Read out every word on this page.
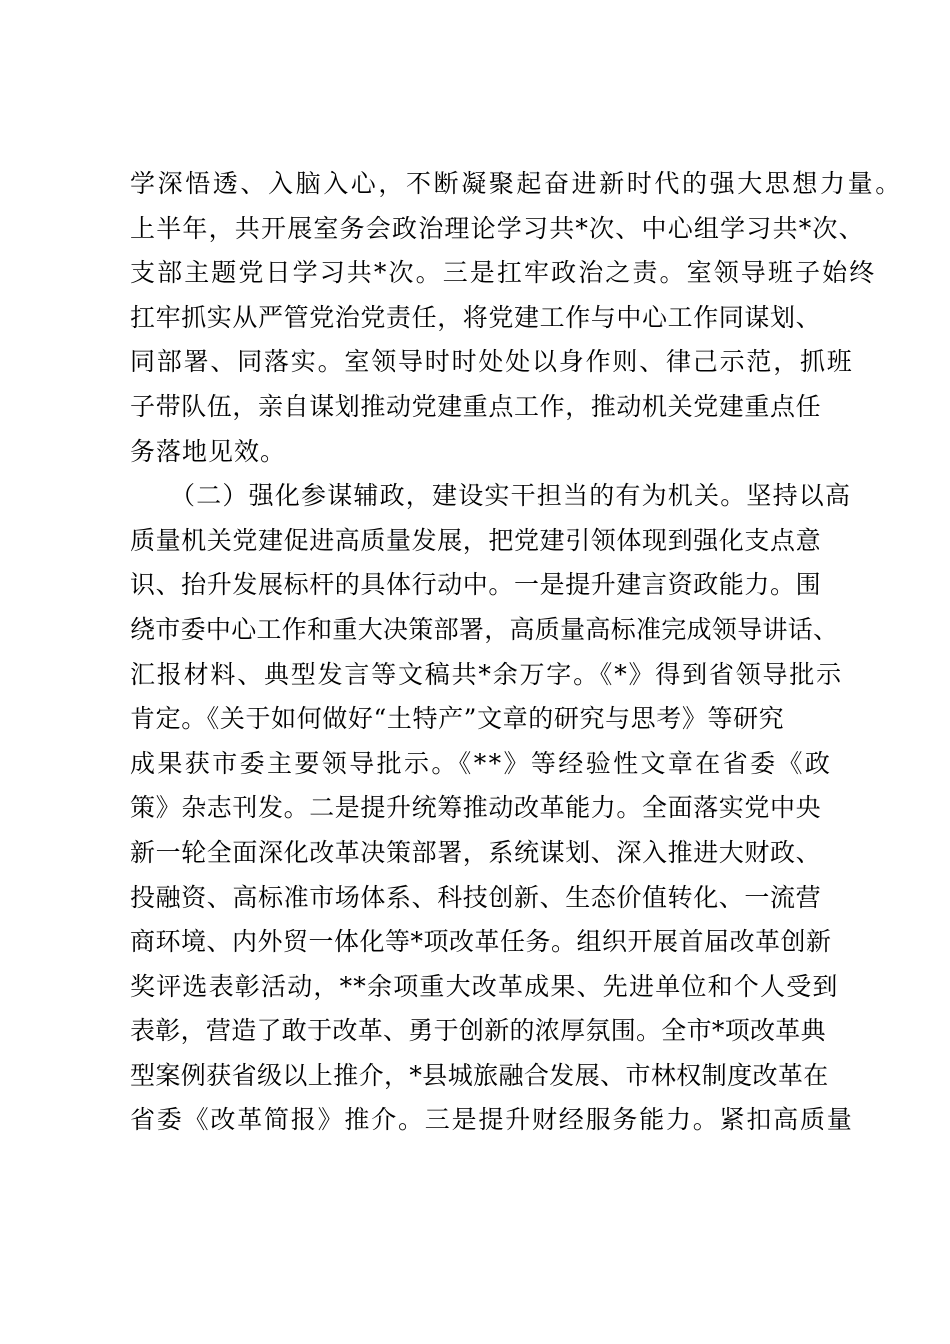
学深悟透、入脑入心，不断凝聚起奋进新时代的强大思想力量。
上半年，共开展室务会政治理论学习共*次、中心组学习共*次、
支部主题党日学习共*次。三是扛牢政治之责。室领导班子始终
扛牢抓实从严管党治党责任，将党建工作与中心工作同谋划、
同部署、同落实。室领导时时处处以身作则、律己示范，抓班
子带队伍，亲自谋划推动党建重点工作，推动机关党建重点任
务落地见效。
（二）强化参谋辅政，建设实干担当的有为机关。坚持以高
质量机关党建促进高质量发展，把党建引领体现到强化支点意
识、抬升发展标杆的具体行动中。一是提升建言资政能力。围
绕市委中心工作和重大决策部署，高质量高标准完成领导讲话、
汇报材料、典型发言等文稿共*余万字。《*》得到省领导批示
肯定。《关于如何做好“土特产”文章的研究与思考》等研究
成果获市委主要领导批示。《**》等经验性文章在省委《政
策》杂志刊发。二是提升统筹推动改革能力。全面落实党中央
新一轮全面深化改革决策部署，系统谋划、深入推进大财政、
投融资、高标准市场体系、科技创新、生态价值转化、一流营
商环境、内外贸一体化等*项改革任务。组织开展首届改革创新
奖评选表彰活动，**余项重大改革成果、先进单位和个人受到
表彰，营造了敢于改革、勇于创新的浓厚氛围。全市*项改革典
型案例获省级以上推介，*县城旅融合发展、市林权制度改革在
省委《改革简报》推介。三是提升财经服务能力。紧扣高质量
